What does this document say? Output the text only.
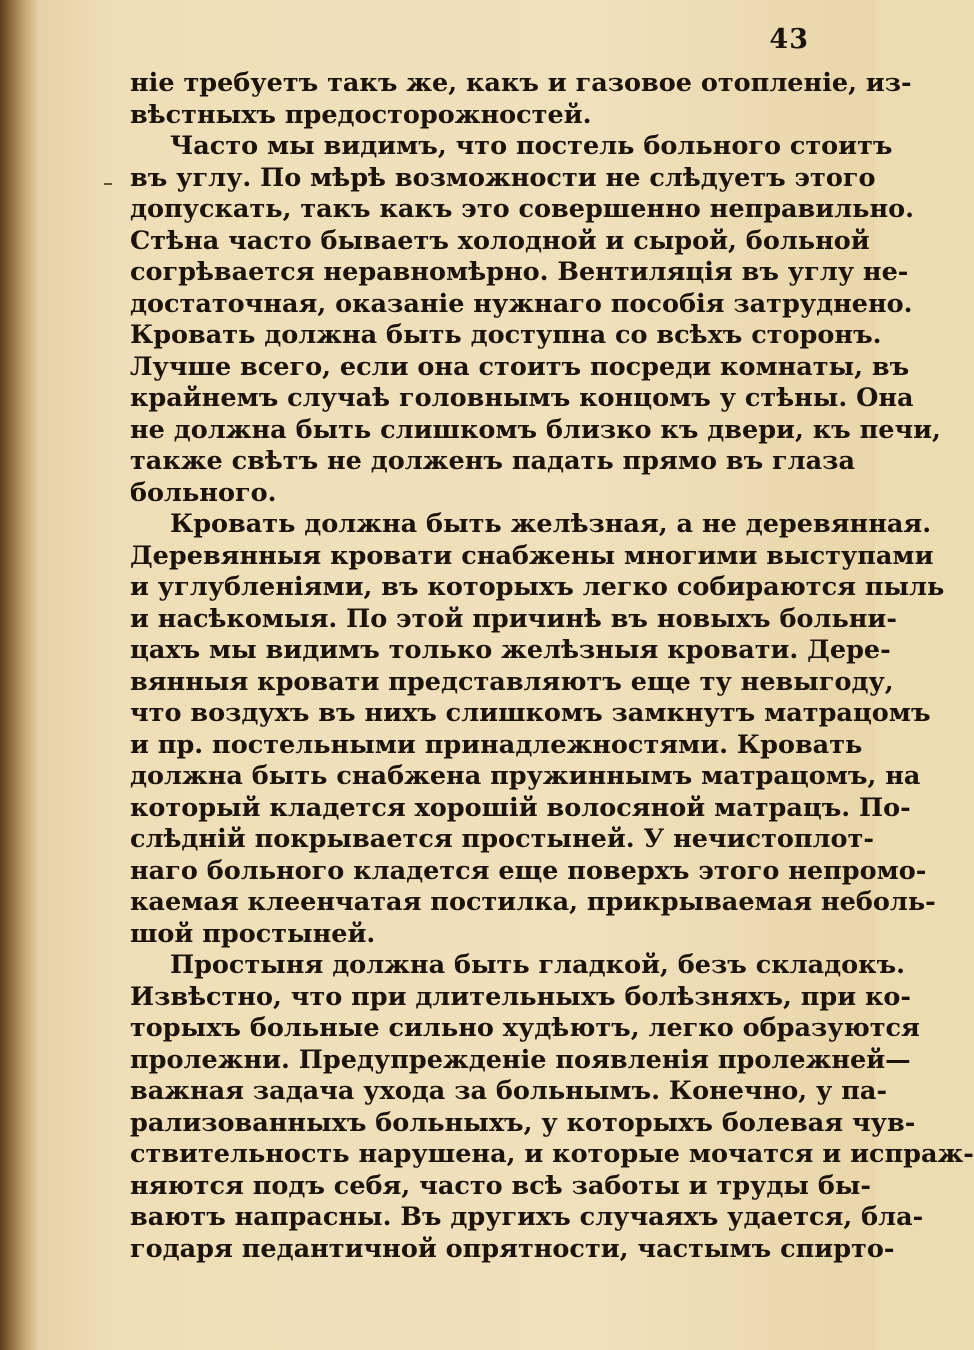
43
ніе требуетъ такъ же, какъ и газовое отопленіе, из-
вѣстныхъ предосторожностей.
Часто мы видимъ, что постель больного стоитъ
въ углу. По мѣрѣ возможности не слѣдуетъ этого
допускать, такъ какъ это совершенно неправильно.
Стѣна часто бываетъ холодной и сырой, больной
согрѣвается неравномѣрно. Вентиляція въ углу не-
достаточная, оказаніе нужнаго пособія затруднено.
Кровать должна быть доступна со всѣхъ сторонъ.
Лучше всего, если она стоитъ посреди комнаты, въ
крайнемъ случаѣ головнымъ концомъ у стѣны. Она
не должна быть слишкомъ близко къ двери, къ печи,
также свѣтъ не долженъ падать прямо въ глаза
больного.
Кровать должна быть желѣзная, а не деревянная.
Деревянныя кровати снабжены многими выступами
и углубленіями, въ которыхъ легко собираются пыль
и насѣкомыя. По этой причинѣ въ новыхъ больни-
цахъ мы видимъ только желѣзныя кровати. Дере-
вянныя кровати представляютъ еще ту невыгоду,
что воздухъ въ нихъ слишкомъ замкнутъ матрацомъ
и пр. постельными принадлежностями. Кровать
должна быть снабжена пружиннымъ матрацомъ, на
который кладется хорошій волосяной матрацъ. По-
слѣдній покрывается простыней. У нечистоплот-
наго больного кладется еще поверхъ этого непромо-
каемая клеенчатая постилка, прикрываемая неболь-
шой простыней.
Простыня должна быть гладкой, безъ складокъ.
Извѣстно, что при длительныхъ болѣзняхъ, при ко-
торыхъ больные сильно худѣютъ, легко образуются
пролежни. Предупрежденіе появленія пролежней—
важная задача ухода за больнымъ. Конечно, у па-
рализованныхъ больныхъ, у которыхъ болевая чув-
ствительность нарушена, и которые мочатся и испраж-
няются подъ себя, часто всѣ заботы и труды бы-
ваютъ напрасны. Въ другихъ случаяхъ удается, бла-
годаря педантичной опрятности, частымъ спирто-
